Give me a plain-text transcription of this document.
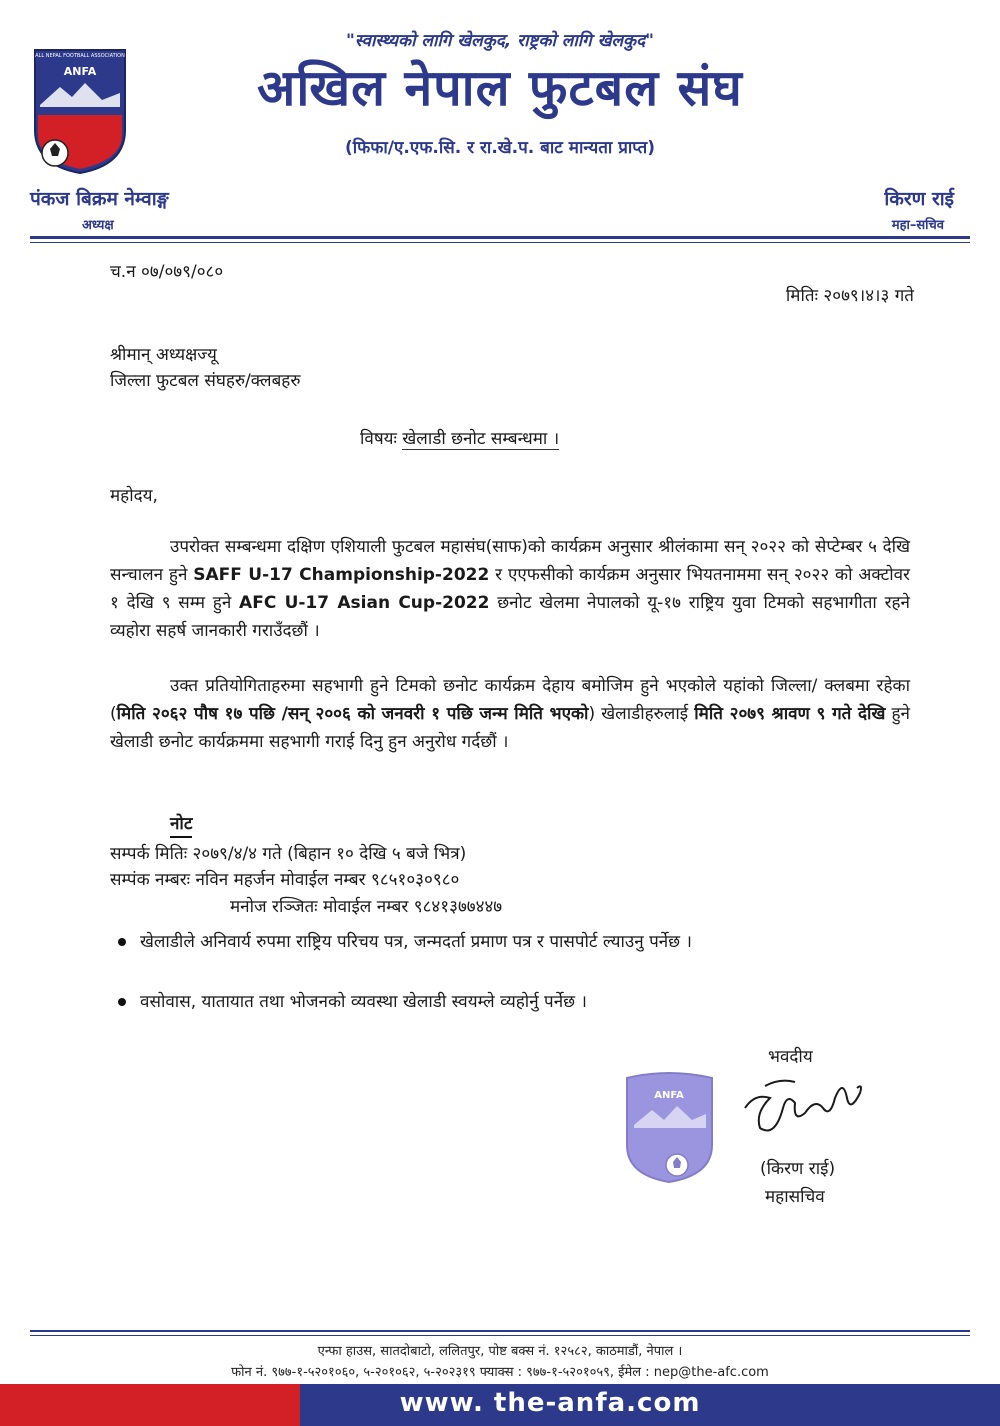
"स्वास्थ्यको लागि खेलकुद, राष्ट्रको लागि खेलकुद"
ALL NEPAL FOOTBALL ASSOCIATION
ANFA	अखिल नेपाल फुटबल संघ
(फिफा/ए.एफ.सि. र रा.खे.प. बाट मान्यता प्राप्त)
पंकज बिक्रम नेम्वाङ्ग
अध्यक्ष
किरण राई
महा–सचिव
च.न ०७/०७९/०८०
मितिः २०७९।४।३ गते
श्रीमान् अध्यक्षज्यू
जिल्ला फुटबल संघहरु/क्लबहरु
विषयः खेलाडी छनोट सम्बन्धमा ।
महोदय,
उपरोक्त सम्बन्धमा दक्षिण एशियाली फुटबल महासंघ(साफ)को कार्यक्रम अनुसार श्रीलंकामा सन् २०२२ को सेप्टेम्बर ५ देखि सन्चालन हुने SAFF U-17 Championship-2022 र एएफसीको कार्यक्रम अनुसार भियतनाममा सन् २०२२ को अक्टोवर १ देखि ९ सम्म हुने AFC U-17 Asian Cup-2022 छनोट खेलमा नेपालको यू-१७ राष्ट्रिय युवा टिमको सहभागीता रहने व्यहोरा सहर्ष जानकारी गराउँदछौं ।
उक्त प्रतियोगिताहरुमा सहभागी हुने टिमको छनोट कार्यक्रम देहाय बमोजिम हुने भएकोले यहांको जिल्ला/ क्लबमा रहेका (मिति २०६२ पौष १७ पछि /सन् २००६ को जनवरी १ पछि जन्म मिति भएको) खेलाडीहरुलाई मिति २०७९ श्रावण ९ गते देखि हुने खेलाडी छनोट कार्यक्रममा सहभागी गराई दिनु हुन अनुरोध गर्दछौं ।
नोट
सम्पर्क मितिः २०७९/४/४ गते (बिहान १० देखि ५ बजे भित्र)
सम्पंक नम्बरः नविन महर्जन मोवाईल नम्बर ९८५१०३०९८०
मनोज रञ्जितः मोवाईल नम्बर ९८४१३७७४४७
खेलाडीले अनिवार्य रुपमा राष्ट्रिय परिचय पत्र, जन्मदर्ता प्रमाण पत्र र पासपोर्ट ल्याउनु पर्नेछ ।
वसोवास, यातायात तथा भोजनको व्यवस्था खेलाडी स्वयम्ले व्यहोर्नु पर्नेछ ।
भवदीय
ANFA
(किरण राई)
महासचिव
एन्फा हाउस, सातदोबाटो, ललितपुर, पोष्ट बक्स नं. १२५८२, काठमाडौं, नेपाल ।
फोन नं. ९७७-१-५२०१०६०, ५-२०१०६२, ५-२०२३१९ फ्याक्स : ९७७-१-५२०१०५९, ईमेल : nep@the-afc.com
www. the-anfa.com
